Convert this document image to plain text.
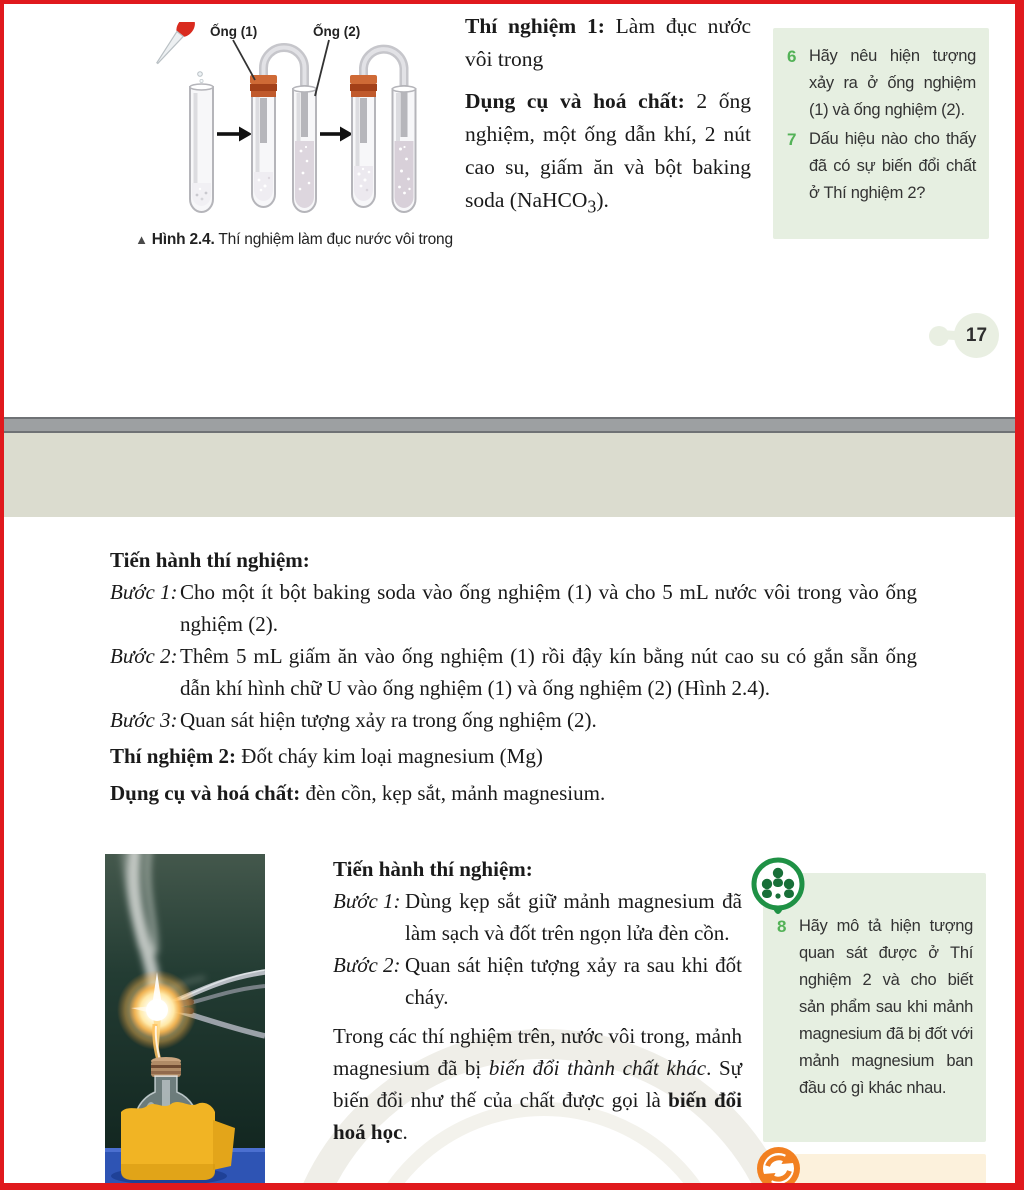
Ống (1)	Ống (2)
▲ Hình 2.4. Thí nghiệm làm đục nước vôi trong

Thí nghiệm 1: Làm đục nước vôi trong

Dụng cụ và hoá chất: 2 ống nghiệm, một ống dẫn khí, 2 nút cao su, giấm ăn và bột baking soda (NaHCO$_3$).

6 Hãy nêu hiện tượng xảy ra ở ống nghiệm (1) và ống nghiệm (2).
7 Dấu hiệu nào cho thấy đã có sự biến đổi chất ở Thí nghiệm 2?
17
Tiến hành thí nghiệm:
Bước 1: Cho một ít bột baking soda vào ống nghiệm (1) và cho 5 mL nước vôi trong vào ống nghiệm (2).
Bước 2: Thêm 5 mL giấm ăn vào ống nghiệm (1) rồi đậy kín bằng nút cao su có gắn sẵn ống dẫn khí hình chữ U vào ống nghiệm (1) và ống nghiệm (2) (Hình 2.4).
Bước 3: Quan sát hiện tượng xảy ra trong ống nghiệm (2).
Thí nghiệm 2: Đốt cháy kim loại magnesium (Mg)
Dụng cụ và hoá chất: đèn cồn, kẹp sắt, mảnh magnesium.
Tiến hành thí nghiệm:
Bước 1: Dùng kẹp sắt giữ mảnh magnesium đã làm sạch và đốt trên ngọn lửa đèn cồn.
Bước 2: Quan sát hiện tượng xảy ra sau khi đốt cháy.
Trong các thí nghiệm trên, nước vôi trong, mảnh magnesium đã bị biến đổi thành chất khác. Sự biến đổi như thế của chất được gọi là biến đổi hoá học.
8 Hãy mô tả hiện tượng quan sát được ở Thí nghiệm 2 và cho biết sản phẩm sau khi mảnh magnesium đã bị đốt với mảnh magnesium ban đầu có gì khác nhau.
